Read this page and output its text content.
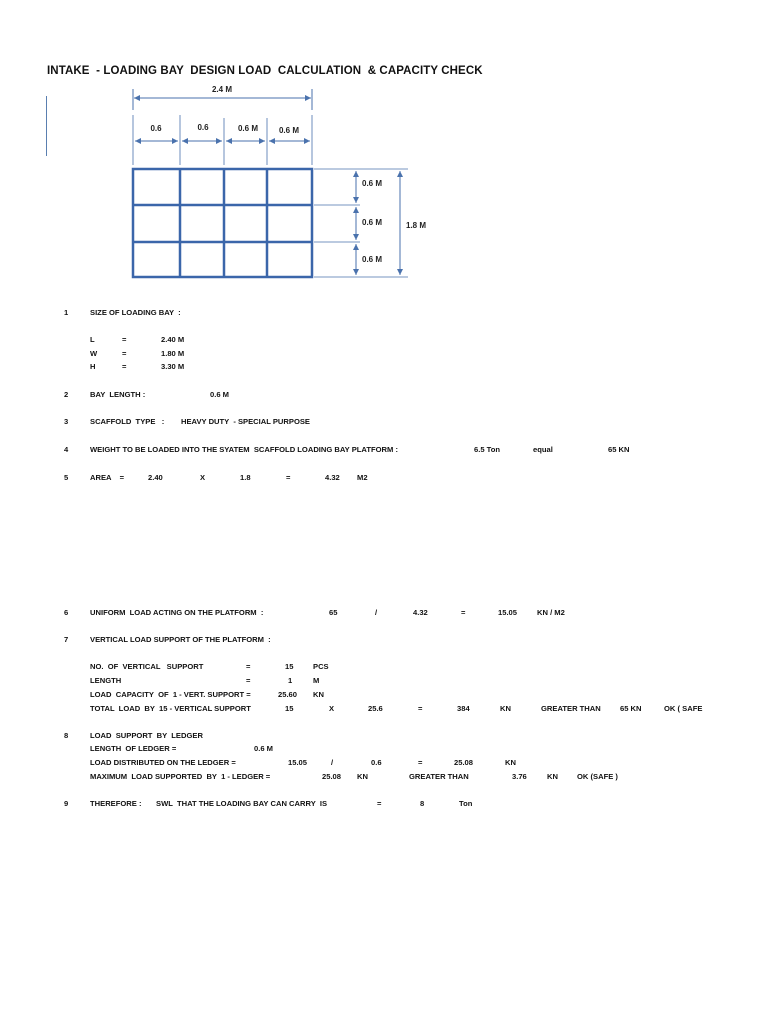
INTAKE  - LOADING BAY  DESIGN LOAD  CALCULATION  & CAPACITY CHECK
2.4 M
0.6	0.6	0.6 M	0.6 M
0.6 M
0.6 M
0.6 M
1.8 M
1	SIZE OF LOADING BAY  :
L	=	2.40 M
W	=	1.80 M
H	=	3.30 M
2	BAY  LENGTH :	0.6 M
3	SCAFFOLD  TYPE   : HEAVY DUTY  - SPECIAL PURPOSE
4	WEIGHT TO BE LOADED INTO THE SYATEM  SCAFFOLD LOADING BAY PLATFORM :	6.5 Ton	equal	65 KN
5	AREA    =	2.40	X	1.8	=	4.32 M2
6	UNIFORM  LOAD ACTING ON THE PLATFORM  :	65	/	4.32	=	15.05	KN / M2
7	VERTICAL LOAD SUPPORT OF THE PLATFORM  :
NO.  OF  VERTICAL   SUPPORT	=	15	PCS
LENGTH	=	1	M
LOAD  CAPACITY  OF  1 - VERT. SUPPORT =	25.60 KN
TOTAL  LOAD  BY  15 - VERTICAL SUPPORT	15	X	25.6	=	384	KN	GREATER THAN	65 KN	OK ( SAFE
8	LOAD  SUPPORT  BY  LEDGER
LENGTH  OF LEDGER =	0.6 M
LOAD DISTRIBUTED ON THE LEDGER =	15.05	/	0.6	=	25.08	KN
MAXIMUM  LOAD SUPPORTED  BY  1 - LEDGER =	25.08 KN	GREATER THAN	3.76	KN	OK (SAFE )
9	THEREFORE : SWL  THAT THE LOADING BAY CAN CARRY  IS	=	8	Ton
